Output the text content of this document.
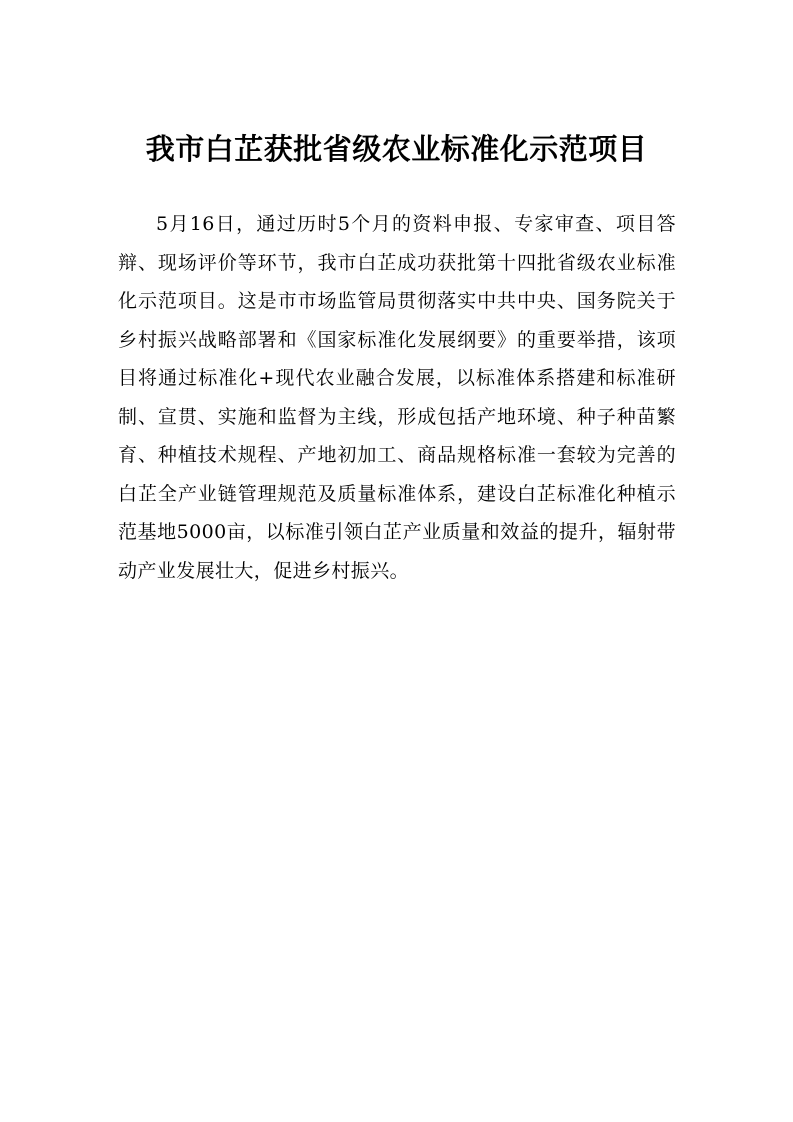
我市白芷获批省级农业标准化示范项目

5月16日，通过历时5个月的资料申报、专家审查、项目答辩、现场评价等环节，我市白芷成功获批第十四批省级农业标准化示范项目。这是市市场监管局贯彻落实中共中央、国务院关于乡村振兴战略部署和《国家标准化发展纲要》的重要举措，该项目将通过标准化+现代农业融合发展，以标准体系搭建和标准研制、宣贯、实施和监督为主线，形成包括产地环境、种子种苗繁育、种植技术规程、产地初加工、商品规格标准一套较为完善的白芷全产业链管理规范及质量标准体系，建设白芷标准化种植示范基地5000亩，以标准引领白芷产业质量和效益的提升，辐射带动产业发展壮大，促进乡村振兴。
